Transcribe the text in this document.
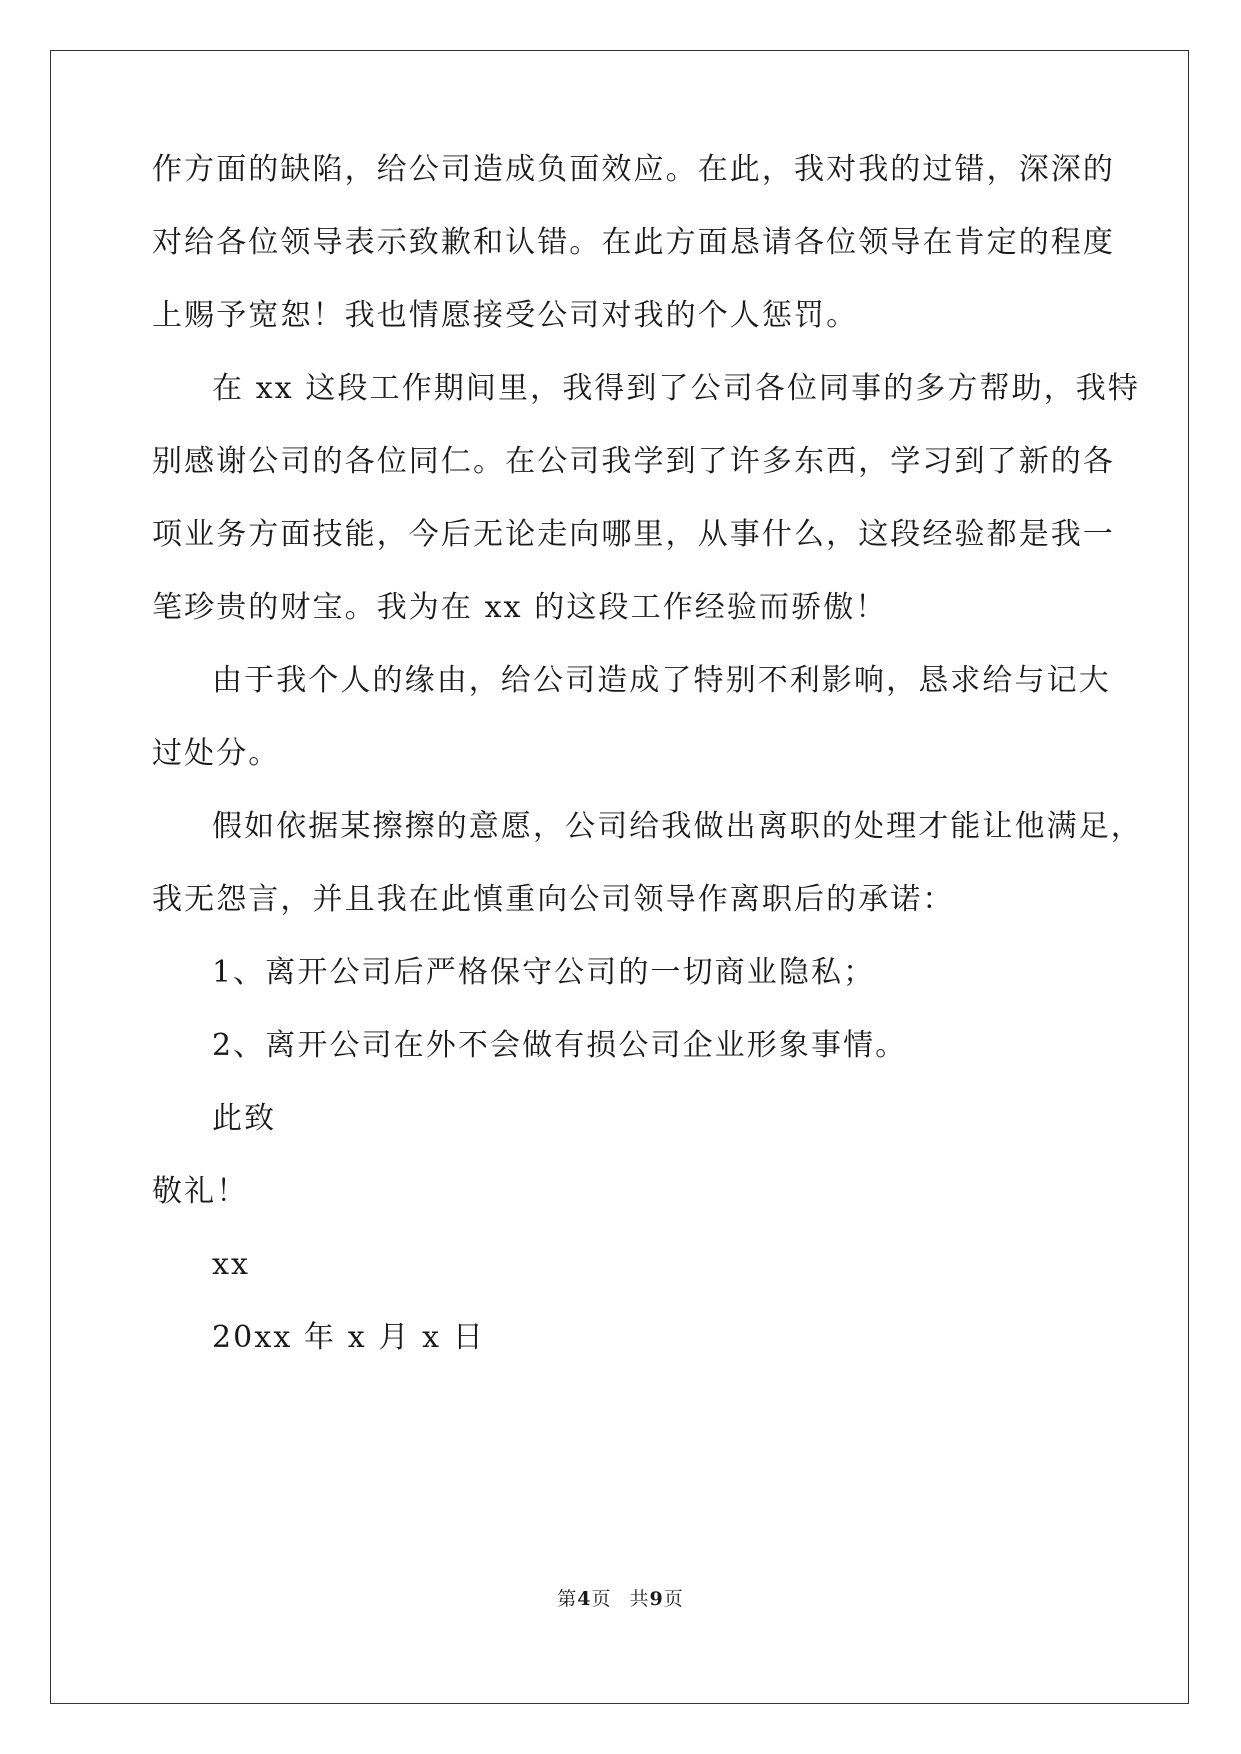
作方面的缺陷，给公司造成负面效应。在此，我对我的过错，深深的
对给各位领导表示致歉和认错。在此方面恳请各位领导在肯定的程度
上赐予宽恕！我也情愿接受公司对我的个人惩罚。
在 xx 这段工作期间里，我得到了公司各位同事的多方帮助，我特
别感谢公司的各位同仁。在公司我学到了许多东西，学习到了新的各
项业务方面技能，今后无论走向哪里，从事什么，这段经验都是我一
笔珍贵的财宝。我为在 xx 的这段工作经验而骄傲！
由于我个人的缘由，给公司造成了特别不利影响，恳求给与记大
过处分。
假如依据某擦擦的意愿，公司给我做出离职的处理才能让他满足，
我无怨言，并且我在此慎重向公司领导作离职后的承诺：
1、离开公司后严格保守公司的一切商业隐私；
2、离开公司在外不会做有损公司企业形象事情。
此致
敬礼！
xx
20xx 年 x 月 x 日
第4页 共9页
